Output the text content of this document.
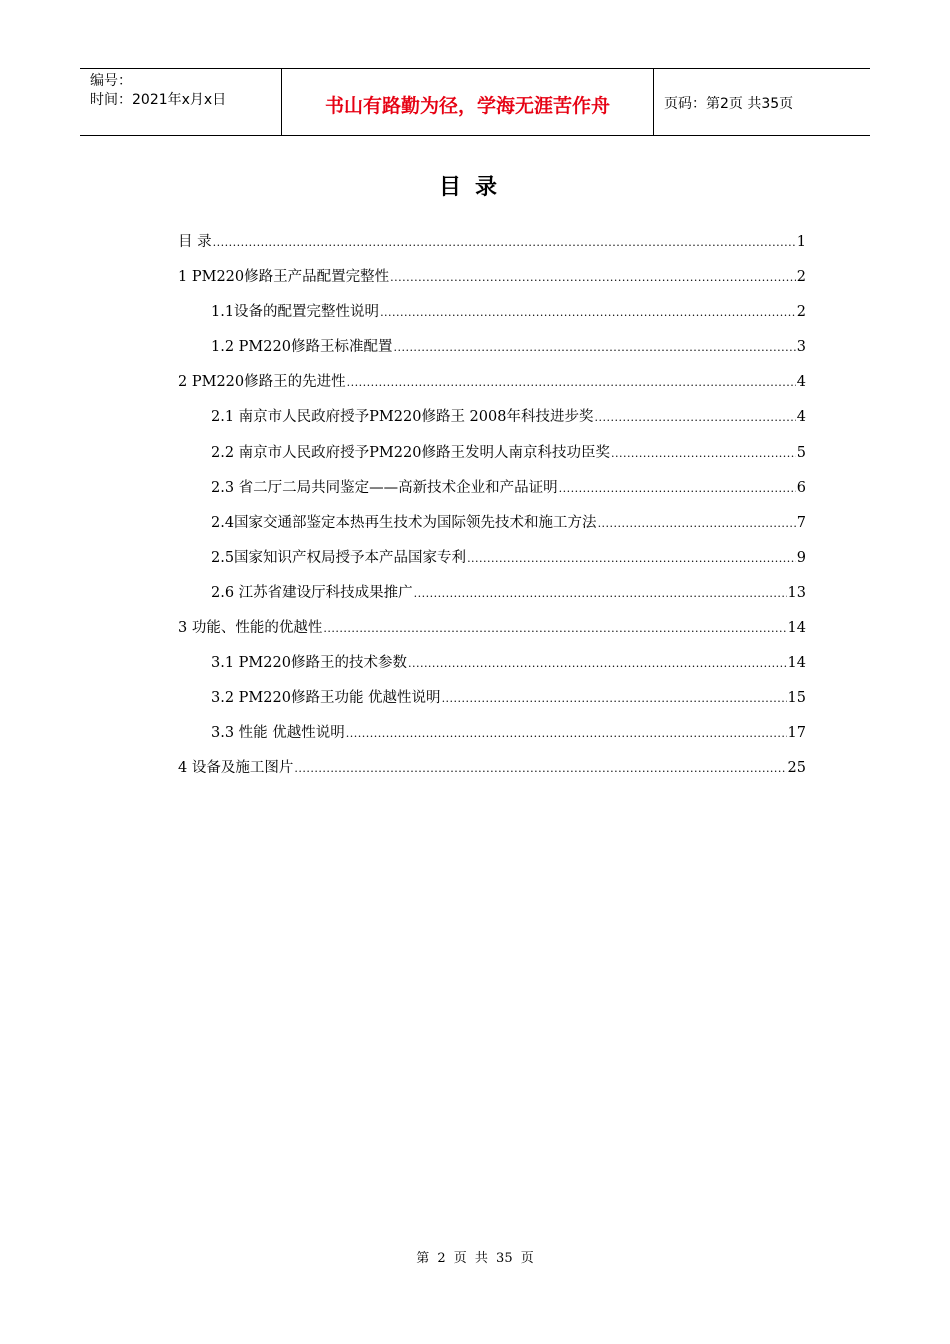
编号：
时间：2021年x月x日	书山有路勤为径，学海无涯苦作舟	页码：第2页 共35页
目录
目 录 .....	1
1 PM220修路王产品配置完整性 .....	2
1.1设备的配置完整性说明 .....	2
1.2 PM220修路王标准配置 .....	3
2 PM220修路王的先进性 .....	4
2.1 南京市人民政府授予PM220修路王 2008年科技进步奖 .....	4
2.2 南京市人民政府授予PM220修路王发明人南京科技功臣奖 .....	5
2.3 省二厅二局共同鉴定——高新技术企业和产品证明 .....	6
2.4国家交通部鉴定本热再生技术为国际领先技术和施工方法 .....	7
2.5国家知识产权局授予本产品国家专利 .....	9
2.6 江苏省建设厅科技成果推广 .....	13
3 功能、性能的优越性 .....	14
3.1 PM220修路王的技术参数 .....	14
3.2 PM220修路王功能 优越性说明 .....	15
3.3 性能 优越性说明 .....	17
4 设备及施工图片 .....	25
第 2 页 共 35 页
